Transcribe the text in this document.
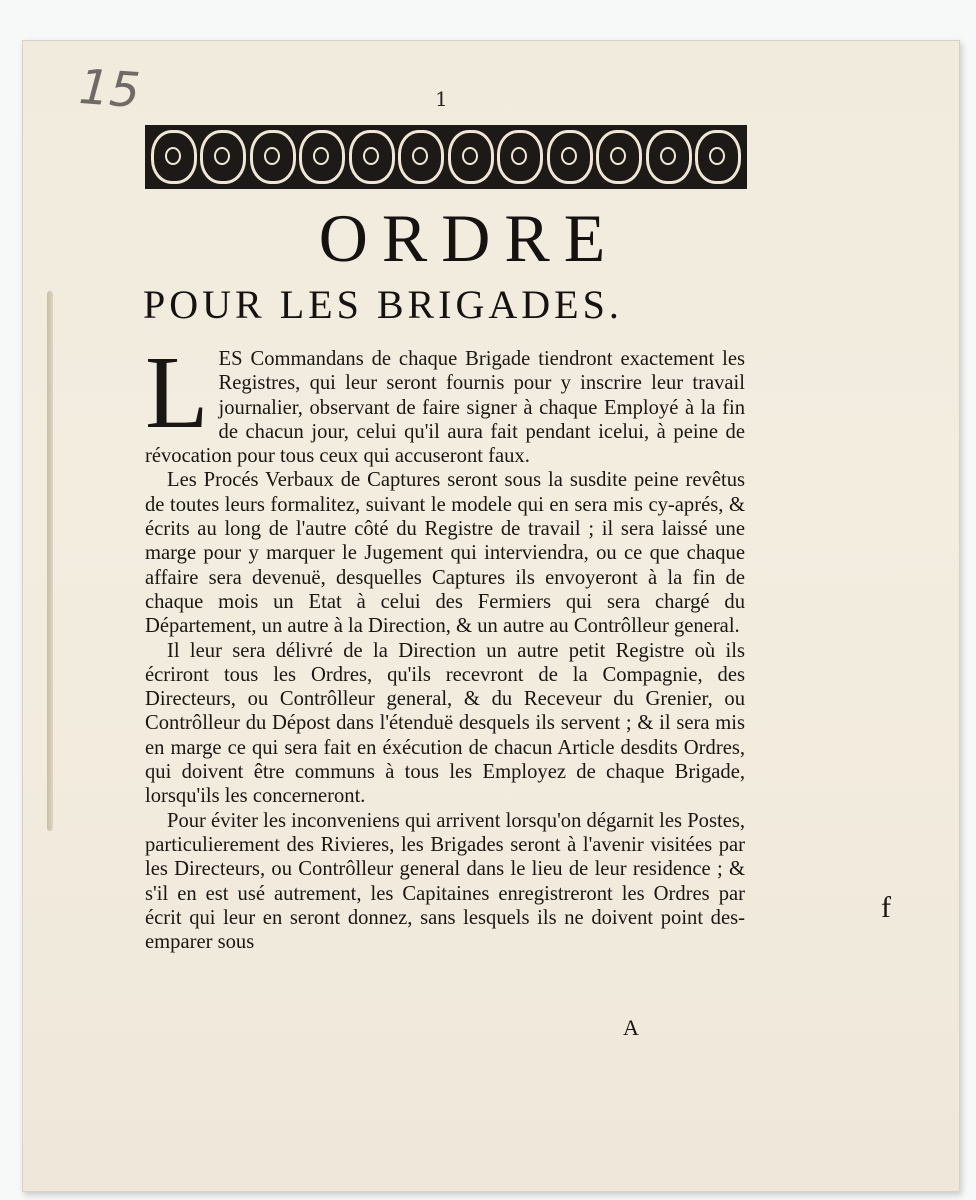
15	1
ORDRE
POUR LES BRIGADES.
L ES Commandans de chaque Brigade tiendront exactement les Registres, qui leur seront fournis pour y inscrire leur travail journalier, observant de faire signer à chaque Employé à la fin de chacun jour, celui qu'il aura fait pendant icelui, à peine de révocation pour tous ceux qui accuseront faux.

Les Procés Verbaux de Captures seront sous la susdite peine revêtus de toutes leurs formalitez, suivant le modele qui en sera mis cy-aprés, & écrits au long de l'autre côté du Registre de travail ; il sera laissé une marge pour y marquer le Jugement qui interviendra, ou ce que chaque affaire sera devenuë, desquelles Captures ils envoyeront à la fin de chaque mois un Etat à celui des Fermiers qui sera chargé du Département, un autre à la Direction, & un autre au Contrôlleur general.

Il leur sera délivré de la Direction un autre petit Registre où ils écriront tous les Ordres, qu'ils recevront de la Compagnie, des Directeurs, ou Contrôlleur general, & du Receveur du Grenier, ou Contrôlleur du Dépost dans l'étenduë desquels ils servent ; & il sera mis en marge ce qui sera fait en éxécution de chacun Article desdits Ordres, qui doivent être communs à tous les Employez de chaque Brigade, lorsqu'ils les concerneront.

Pour éviter les inconveniens qui arrivent lorsqu'on dégarnit les Postes, particulierement des Rivieres, les Brigades seront à l'avenir visitées par les Directeurs, ou Contrôlleur general dans le lieu de leur residence ; & s'il en est usé autrement, les Capitaines enregistreront les Ordres par écrit qui leur en seront donnez, sans lesquels ils ne doivent point des-emparer sous

A
f
